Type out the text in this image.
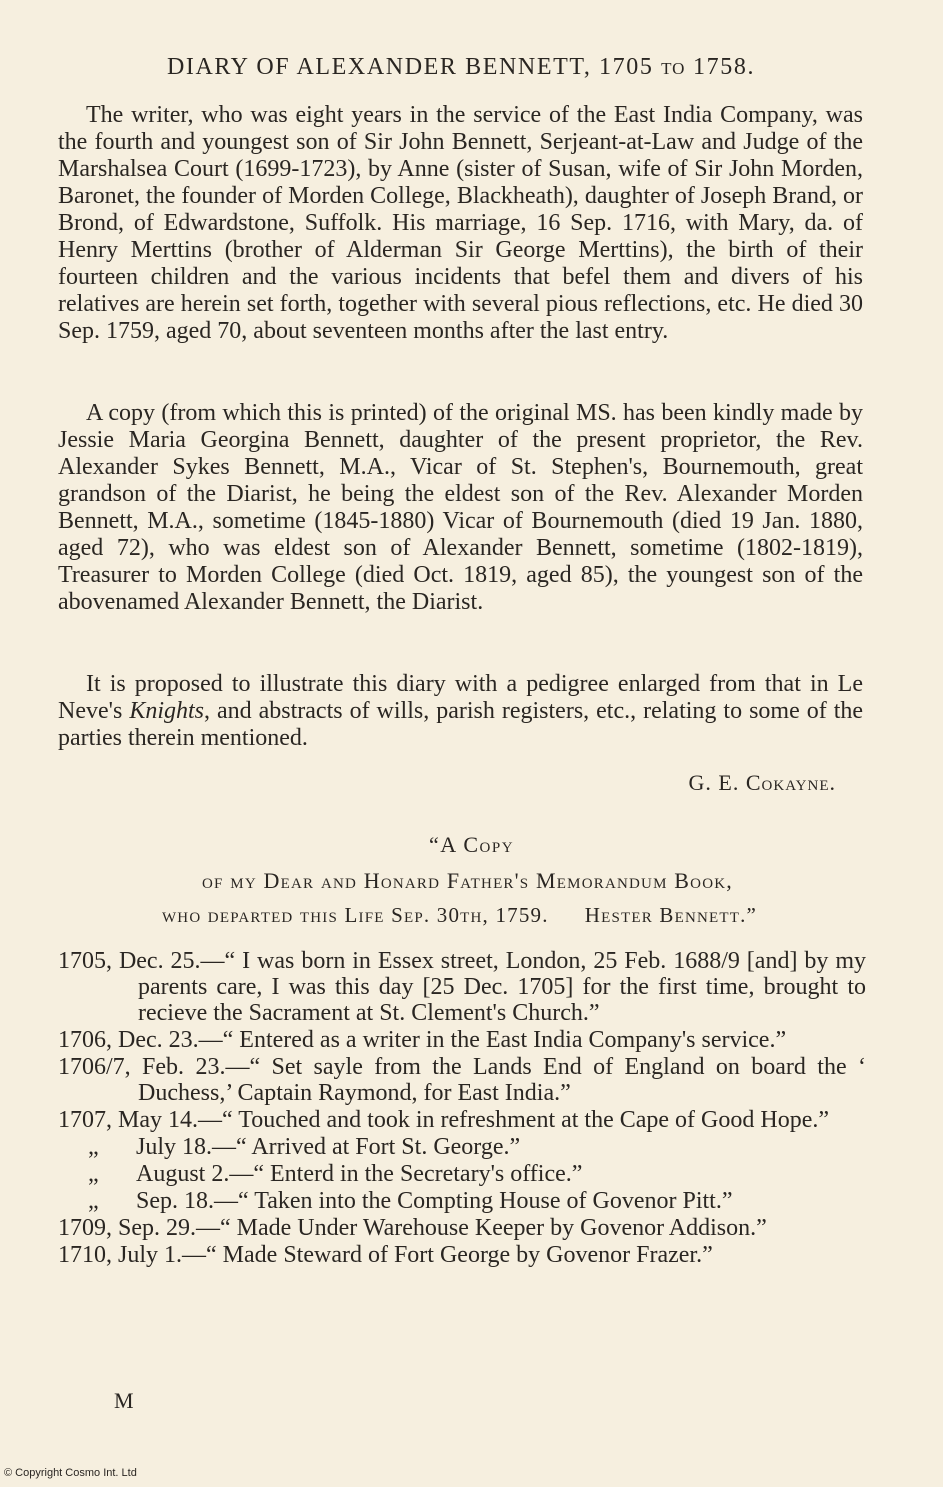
DIARY OF ALEXANDER BENNETT, 1705 TO 1758.

The writer, who was eight years in the service of the East India Company, was the fourth and youngest son of Sir John Bennett, Serjeant-at-Law and Judge of the Marshalsea Court (1699-1723), by Anne (sister of Susan, wife of Sir John Morden, Baronet, the founder of Morden College, Blackheath), daughter of Joseph Brand, or Brond, of Edwardstone, Suffolk. His marriage, 16 Sep. 1716, with Mary, da. of Henry Merttins (brother of Alderman Sir George Merttins), the birth of their fourteen children and the various incidents that befel them and divers of his relatives are herein set forth, together with several pious reflections, etc. He died 30 Sep. 1759, aged 70, about seventeen months after the last entry.

A copy (from which this is printed) of the original MS. has been kindly made by Jessie Maria Georgina Bennett, daughter of the present proprietor, the Rev. Alexander Sykes Bennett, M.A., Vicar of St. Stephen's, Bournemouth, great grandson of the Diarist, he being the eldest son of the Rev. Alexander Morden Bennett, M.A., sometime (1845-1880) Vicar of Bournemouth (died 19 Jan. 1880, aged 72), who was eldest son of Alexander Bennett, sometime (1802-1819), Treasurer to Morden College (died Oct. 1819, aged 85), the youngest son of the abovenamed Alexander Bennett, the Diarist.

It is proposed to illustrate this diary with a pedigree enlarged from that in Le Neve's Knights, and abstracts of wills, parish registers, etc., relating to some of the parties therein mentioned.

G. E. Cokayne.
“A Copy
of my Dear and Honard Father's Memorandum Book,
who departed this Life Sep. 30th, 1759. Hester Bennett.”

1705, Dec. 25.—“ I was born in Essex street, London, 25 Feb. 1688/9 [and] by my parents care, I was this day [25 Dec. 1705] for the first time, brought to recieve the Sacrament at St. Clement's Church.”

1706, Dec. 23.—“ Entered as a writer in the East India Company's service.”

1706/7, Feb. 23.—“ Set sayle from the Lands End of England on board the ‘ Duchess,’ Captain Raymond, for East India.”

1707, May 14.—“ Touched and took in refreshment at the Cape of Good Hope.”

„ July 18.—“ Arrived at Fort St. George.”

„ August 2.—“ Enterd in the Secretary's office.”

„ Sep. 18.—“ Taken into the Compting House of Govenor Pitt.”

1709, Sep. 29.—“ Made Under Warehouse Keeper by Govenor Addison.”

1710, July 1.—“ Made Steward of Fort George by Govenor Frazer.”

M
© Copyright Cosmo Int. Ltd
